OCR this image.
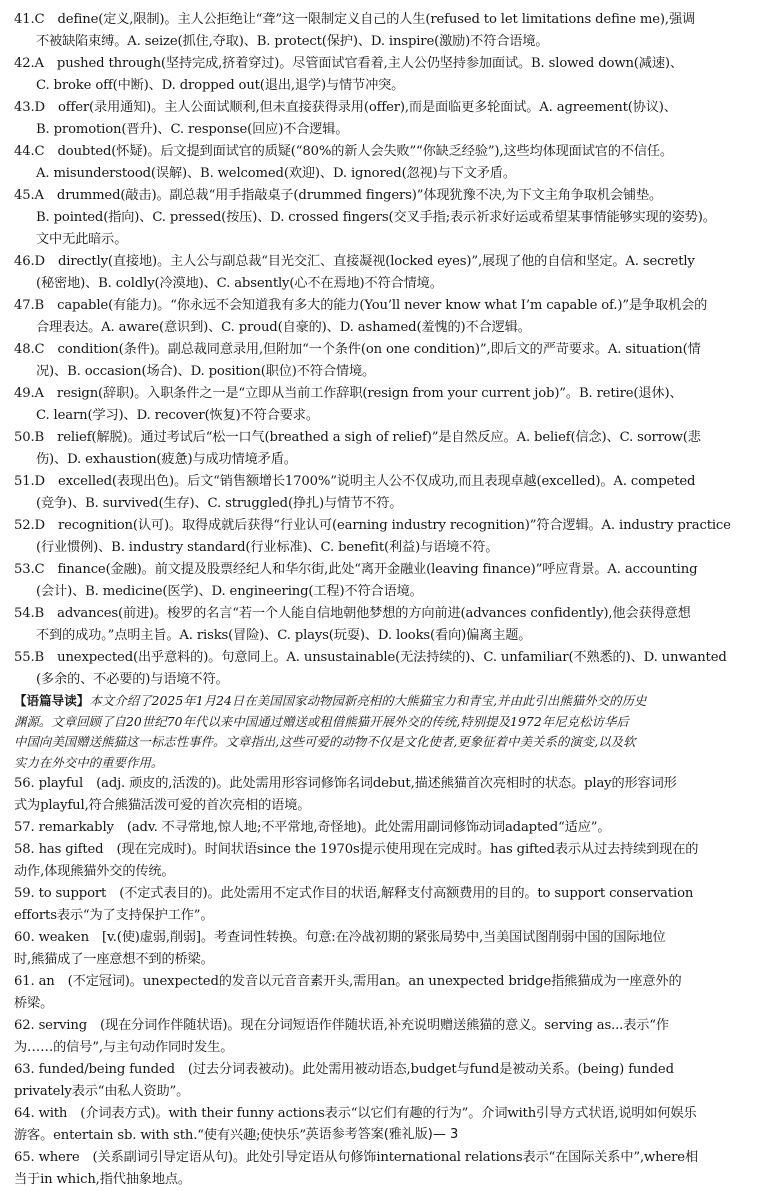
41.C　define(定义,限制)。主人公拒绝让“聋”这一限制定义自己的人生(refused to let limitations define me),强调
不被缺陷束缚。A. seize(抓住,夺取)、B. protect(保护)、D. inspire(激励)不符合语境。
42.A　pushed through(坚持完成,挤着穿过)。尽管面试官看着,主人公仍坚持参加面试。B. slowed down(减速)、
C. broke off(中断)、D. dropped out(退出,退学)与情节冲突。
43.D　offer(录用通知)。主人公面试顺利,但未直接获得录用(offer),而是面临更多轮面试。A. agreement(协议)、
B. promotion(晋升)、C. response(回应)不合逻辑。
44.C　doubted(怀疑)。后文提到面试官的质疑(“80%的新人会失败”“你缺乏经验”),这些均体现面试官的不信任。
A. misunderstood(误解)、B. welcomed(欢迎)、D. ignored(忽视)与下文矛盾。
45.A　drummed(敲击)。副总裁“用手指敲桌子(drummed fingers)”体现犹豫不决,为下文主角争取机会铺垫。
B. pointed(指向)、C. pressed(按压)、D. crossed fingers(交叉手指;表示祈求好运或希望某事情能够实现的姿势)。
文中无此暗示。
46.D　directly(直接地)。主人公与副总裁“目光交汇、直接凝视(locked eyes)”,展现了他的自信和坚定。A. secretly
(秘密地)、B. coldly(冷漠地)、C. absently(心不在焉地)不符合情境。
47.B　capable(有能力)。“你永远不会知道我有多大的能力(You’ll never know what I’m capable of.)”是争取机会的
合理表达。A. aware(意识到)、C. proud(自豪的)、D. ashamed(羞愧的)不合逻辑。
48.C　condition(条件)。副总裁同意录用,但附加“一个条件(on one condition)”,即后文的严苛要求。A. situation(情
况)、B. occasion(场合)、D. position(职位)不符合情境。
49.A　resign(辞职)。入职条件之一是“立即从当前工作辞职(resign from your current job)”。B. retire(退休)、
C. learn(学习)、D. recover(恢复)不符合要求。
50.B　relief(解脱)。通过考试后“松一口气(breathed a sigh of relief)”是自然反应。A. belief(信念)、C. sorrow(悲
伤)、D. exhaustion(疲惫)与成功情境矛盾。
51.D　excelled(表现出色)。后文“销售额增长1700%”说明主人公不仅成功,而且表现卓越(excelled)。A. competed
(竞争)、B. survived(生存)、C. struggled(挣扎)与情节不符。
52.D　recognition(认可)。取得成就后获得“行业认可(earning industry recognition)”符合逻辑。A. industry practice
(行业惯例)、B. industry standard(行业标准)、C. benefit(利益)与语境不符。
53.C　finance(金融)。前文提及股票经纪人和华尔街,此处“离开金融业(leaving finance)”呼应背景。A. accounting
(会计)、B. medicine(医学)、D. engineering(工程)不符合语境。
54.B　advances(前进)。梭罗的名言“若一个人能自信地朝他梦想的方向前进(advances confidently),他会获得意想
不到的成功。”点明主旨。A. risks(冒险)、C. plays(玩耍)、D. looks(看向)偏离主题。
55.B　unexpected(出乎意料的)。句意同上。A. unsustainable(无法持续的)、C. unfamiliar(不熟悉的)、D. unwanted
(多余的、不必要的)与语境不符。
【语篇导读】本文介绍了2025年1月24日在美国国家动物园新亮相的大熊猫宝力和青宝,并由此引出熊猫外交的历史
渊源。文章回顾了自20世纪70年代以来中国通过赠送或租借熊猫开展外交的传统,特别提及1972年尼克松访华后
中国向美国赠送熊猫这一标志性事件。文章指出,这些可爱的动物不仅是文化使者,更象征着中美关系的演变,以及软
实力在外交中的重要作用。
56. playful　(adj. 顽皮的,活泼的)。此处需用形容词修饰名词debut,描述熊猫首次亮相时的状态。play的形容词形
式为playful,符合熊猫活泼可爱的首次亮相的语境。
57. remarkably　(adv. 不寻常地,惊人地;不平常地,奇怪地)。此处需用副词修饰动词adapted“适应”。
58. has gifted　(现在完成时)。时间状语since the 1970s提示使用现在完成时。has gifted表示从过去持续到现在的
动作,体现熊猫外交的传统。
59. to support　(不定式表目的)。此处需用不定式作目的状语,解释支付高额费用的目的。to support conservation
efforts表示“为了支持保护工作”。
60. weaken　[v.(使)虚弱,削弱]。考查词性转换。句意:在冷战初期的紧张局势中,当美国试图削弱中国的国际地位
时,熊猫成了一座意想不到的桥梁。
61. an　(不定冠词)。unexpected的发音以元音音素开头,需用an。an unexpected bridge指熊猫成为一座意外的
桥梁。
62. serving　(现在分词作伴随状语)。现在分词短语作伴随状语,补充说明赠送熊猫的意义。serving as...表示“作
为……的信号”,与主句动作同时发生。
63. funded/being funded　(过去分词表被动)。此处需用被动语态,budget与fund是被动关系。(being) funded
privately表示“由私人资助”。
64. with　(介词表方式)。with their funny actions表示“以它们有趣的行为”。介词with引导方式状语,说明如何娱乐
游客。entertain sb. with sth.“使有兴趣;使快乐”。
65. where　(关系副词引导定语从句)。此处引导定语从句修饰international relations表示“在国际关系中”,where相
当于in which,指代抽象地点。
英语参考答案(雅礼版)— 3
